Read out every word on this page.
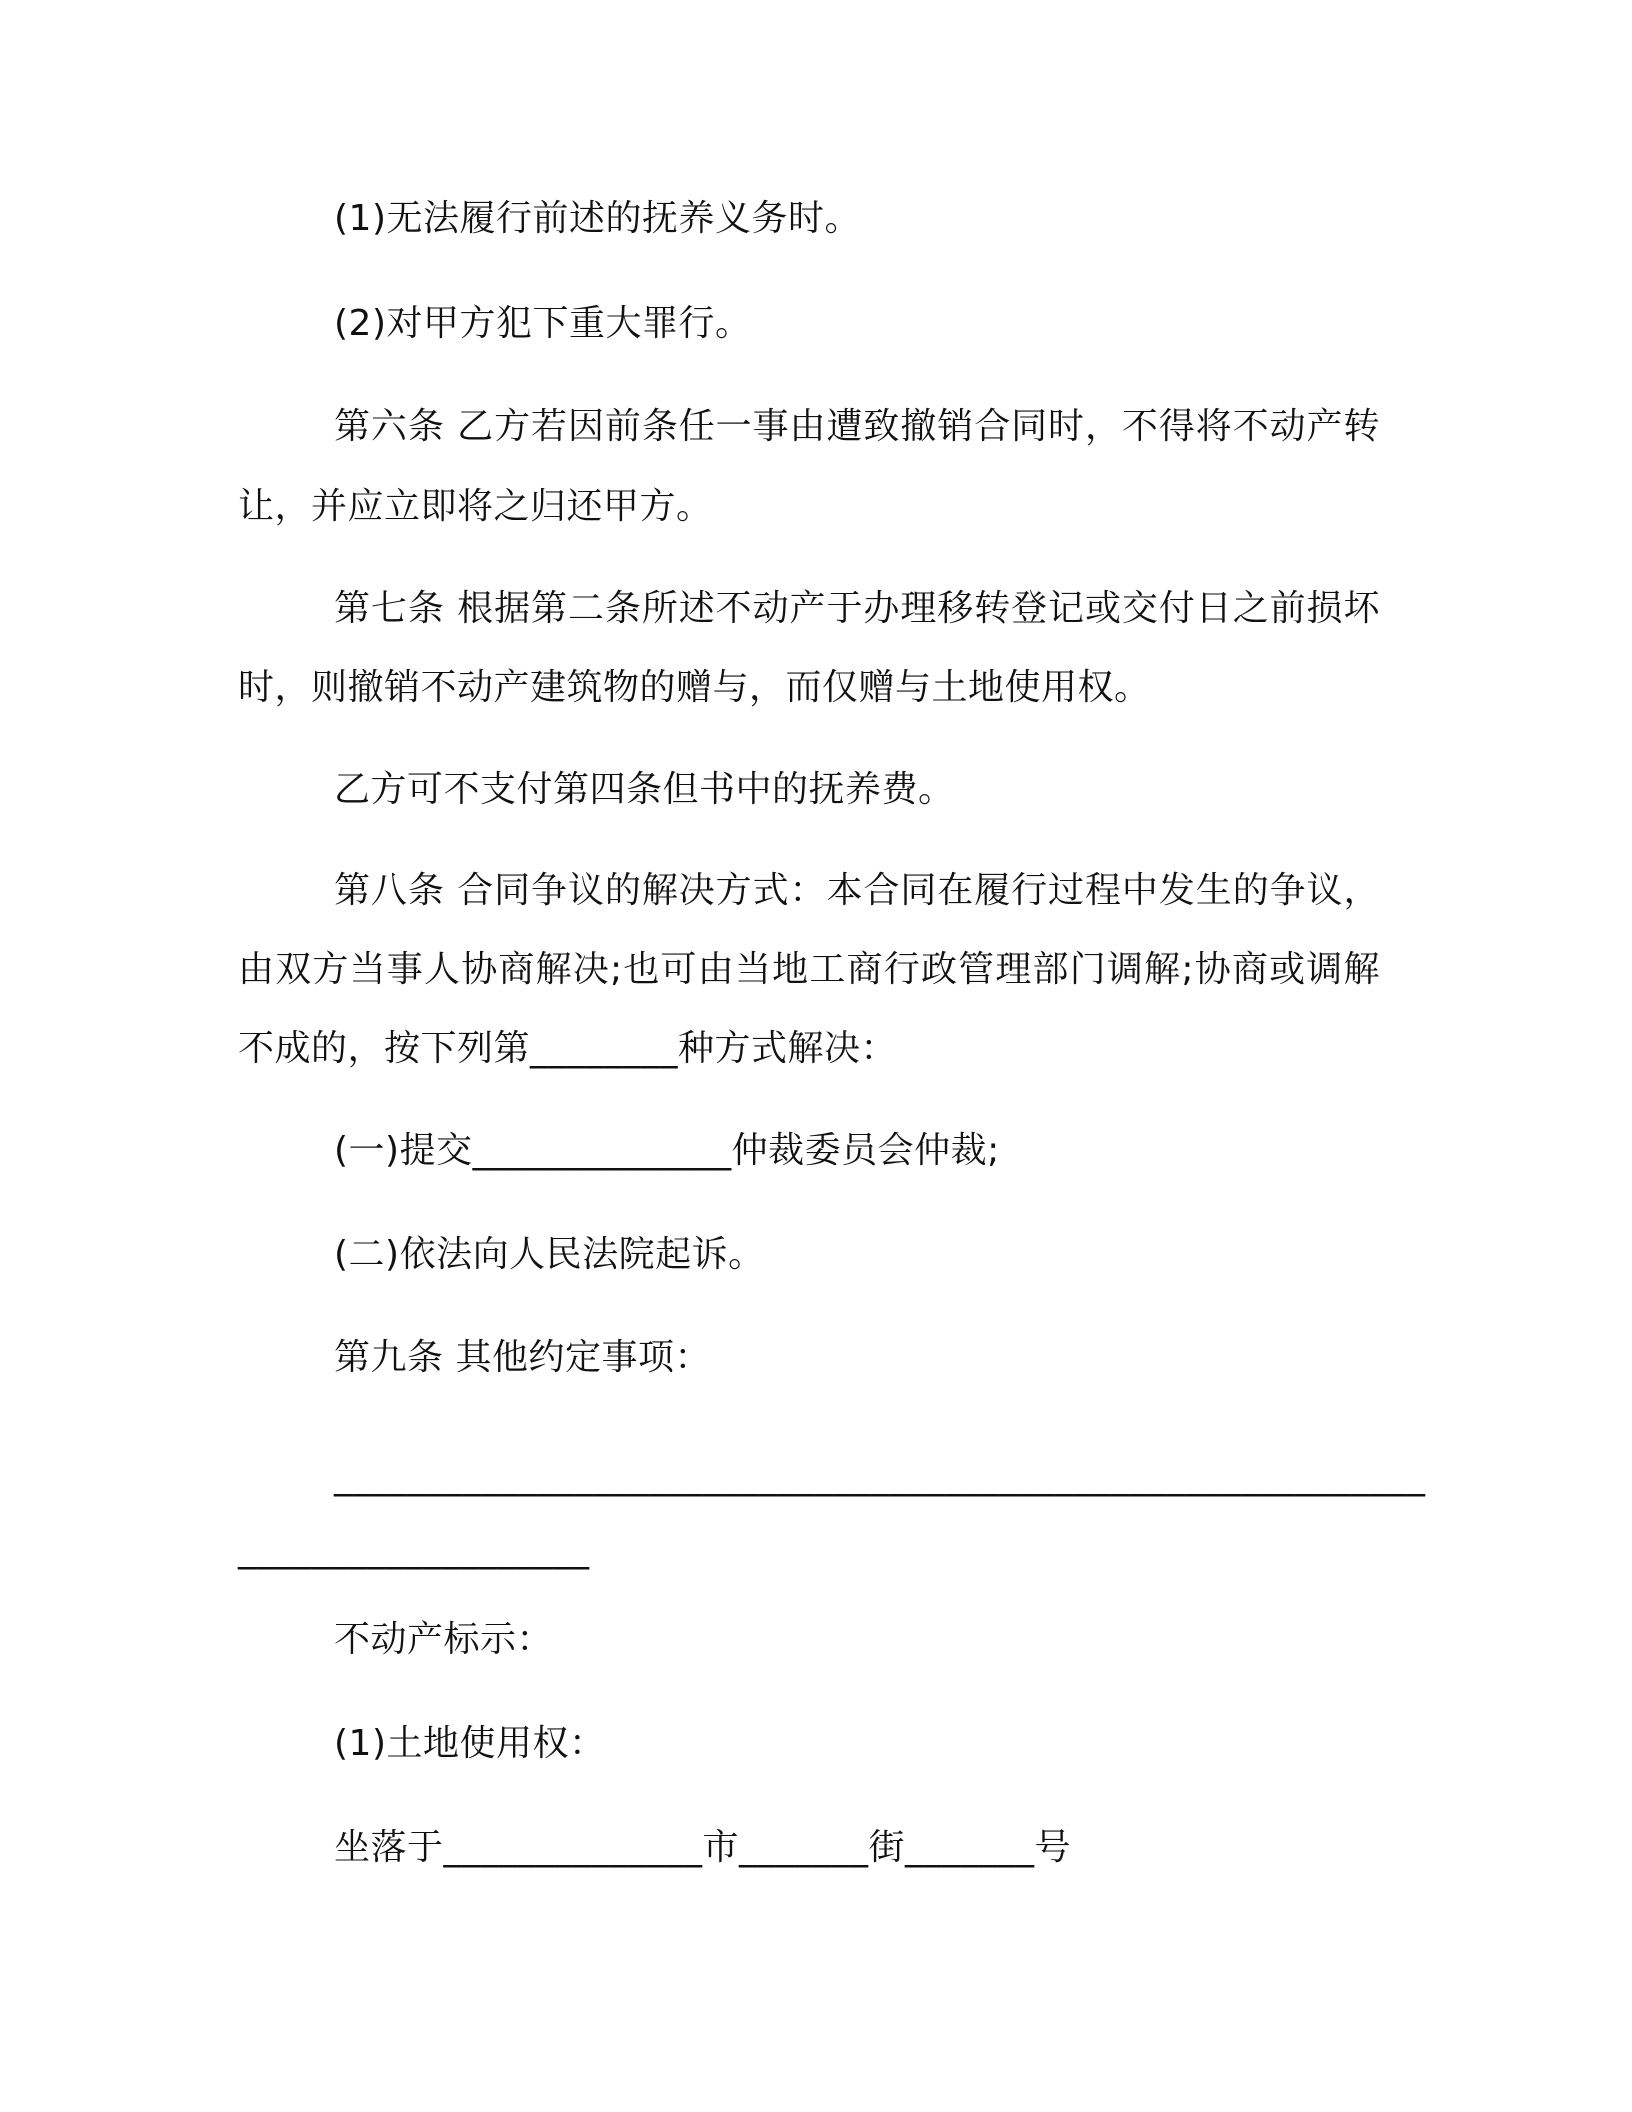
(1)无法履行前述的抚养义务时。
(2)对甲方犯下重大罪行。
第六条 乙方若因前条任一事由遭致撤销合同时，不得将不动产转
让，并应立即将之归还甲方。
第七条 根据第二条所述不动产于办理移转登记或交付日之前损坏
时，则撤销不动产建筑物的赠与，而仅赠与土地使用权。
乙方可不支付第四条但书中的抚养费。
第八条 合同争议的解决方式：本合同在履行过程中发生的争议，
由双方当事人协商解决;也可由当地工商行政管理部门调解;协商或调解
不成的，按下列第________种方式解决：
(一)提交______________仲裁委员会仲裁;
(二)依法向人民法院起诉。
第九条 其他约定事项：
___________________________________________________________
___________________
不动产标示：
(1)土地使用权：
坐落于______________市_______街_______号
